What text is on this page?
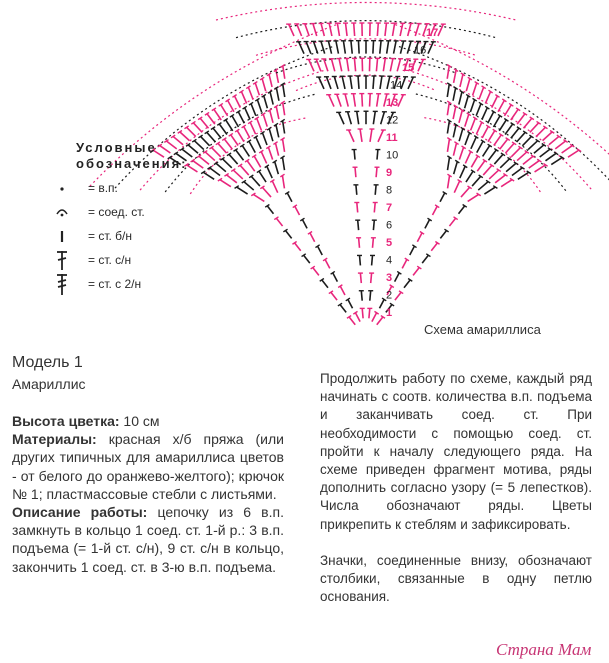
1
2
3
4
5
6
7
8
9
10
11
12
13
14
15
16
17
Условные
обозначения:
= в.п.
= соед. ст.
= ст. б/н
= ст. с/н
= ст. с 2/н
Схема амариллиса
Модель 1
Амариллис

Высота цветка: 10 см

Материалы: красная х/б пряжа (или других типичных для амариллиса цветов - от белого до оранжево-желтого); крючок № 1; пластмассовые стебли с листьями.

Описание работы: цепочку из 6 в.п. замкнуть в кольцо 1 соед. ст. 1-й р.: 3 в.п. подъема (= 1-й ст. с/н), 9 ст. с/н в кольцо, закончить 1 соед. ст. в 3-ю в.п. подъема.

Продолжить работу по схеме, каждый ряд начинать с соотв. количества в.п. подъема и заканчивать соед. ст. При необходимости с помощью соед. ст. пройти к началу следующего ряда. На схеме приведен фрагмент мотива, ряды дополнить согласно узору (= 5 лепестков). Числа обозначают ряды. Цветы прикрепить к стеблям и зафиксировать.

Значки, соединенные внизу, обозначают столбики, связанные в одну петлю основания.

Страна Мам
